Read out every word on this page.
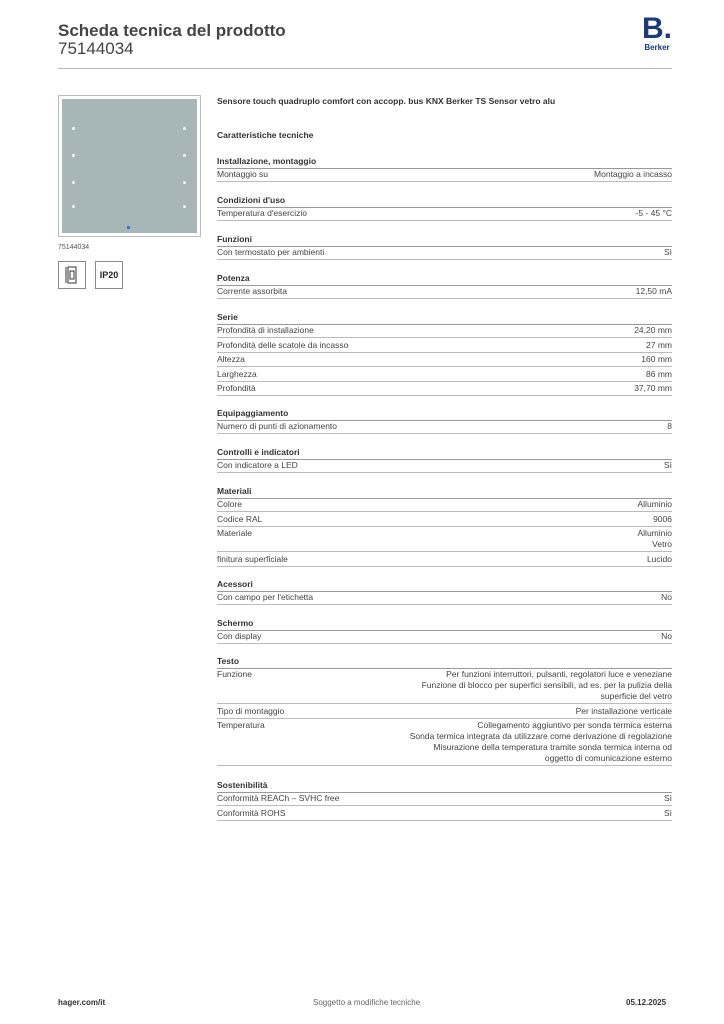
Scheda tecnica del prodotto
75144034
B.
Berker
75144034
IP20
Sensore touch quadruplo comfort con accopp. bus KNX Berker TS Sensor vetro alu
Caratteristiche tecniche
Installazione, montaggio
Montaggio su	Montaggio a incasso
Condizioni d'uso
Temperatura d'esercizio	-5 - 45 °C
Funzioni
Con termostato per ambienti	Sì
Potenza
Corrente assorbita	12,50 mA
Serie
Profondità di installazione	24,20 mm
Profondità delle scatole da incasso	27 mm
Altezza	160 mm
Larghezza	86 mm
Profondità	37,70 mm
Equipaggiamento
Numero di punti di azionamento	8
Controlli e indicatori
Con indicatore a LED	Sì
Materiali
Colore	Alluminio
Codice RAL	9006
Materiale	Alluminio
Vetro
finitura superficiale	Lucido
Acessori
Con campo per l'etichetta	No
Schermo
Con display	No
Testo
Funzione	Per funzioni interruttori, pulsanti, regolatori luce e veneziane
Funzione di blocco per superfici sensibili, ad es. per la pulizia della
superficie del vetro
Tipo di montaggio	Per installazione verticale
Temperatura	Collegamento aggiuntivo per sonda termica esterna
Sonda termica integrata da utilizzare come derivazione di regolazione
Misurazione della temperatura tramite sonda termica interna od
oggetto di comunicazione esterno
Sostenibilità
Conformità REACh – SVHC free	Sì
Conformità ROHS	Sì
hager.com/it	Soggetto a modifiche tecniche	05.12.2025
